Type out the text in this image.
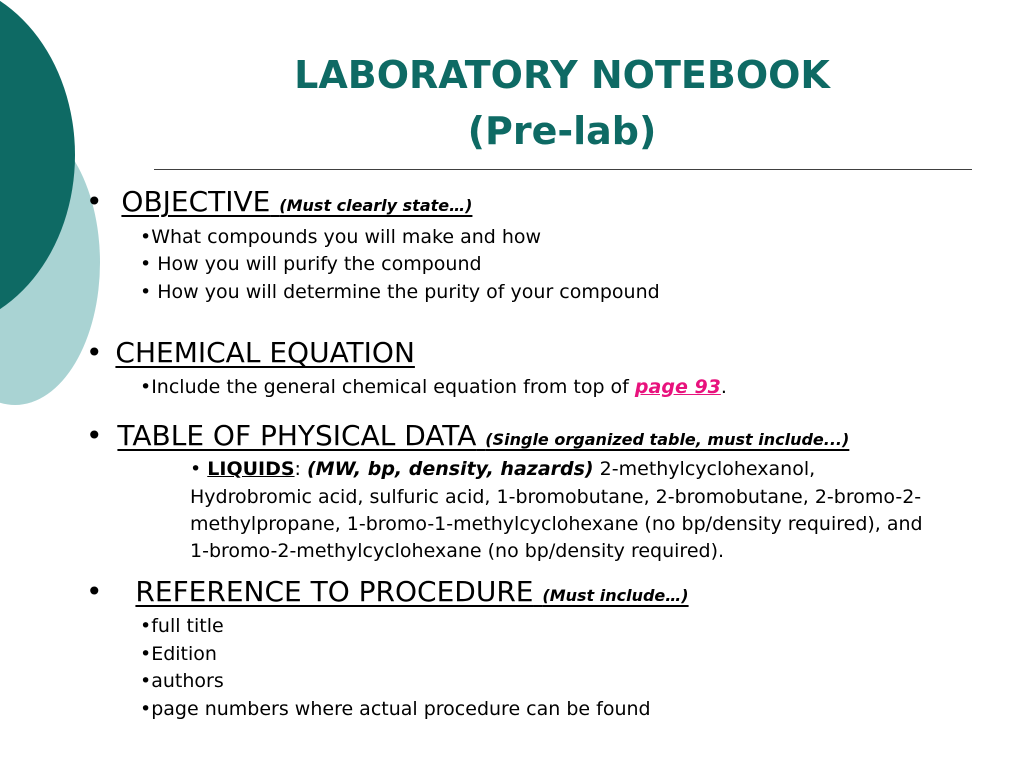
LABORATORY NOTEBOOK
(Pre-lab)
• OBJECTIVE (Must clearly state…)
•What compounds you will make and how
• How you will purify the compound
• How you will determine the purity of your compound
• CHEMICAL EQUATION
•Include the general chemical equation from top of page 93.
• TABLE OF PHYSICAL DATA (Single organized table, must include...)
• LIQUIDS: (MW, bp, density, hazards) 2-methylcyclohexanol,
Hydrobromic acid, sulfuric acid, 1-bromobutane, 2-bromobutane, 2-bromo-2-
methylpropane, 1-bromo-1-methylcyclohexane (no bp/density required), and
1-bromo-2-methylcyclohexane (no bp/density required).
• REFERENCE TO PROCEDURE (Must include…)
•full title
•Edition
•authors
•page numbers where actual procedure can be found
